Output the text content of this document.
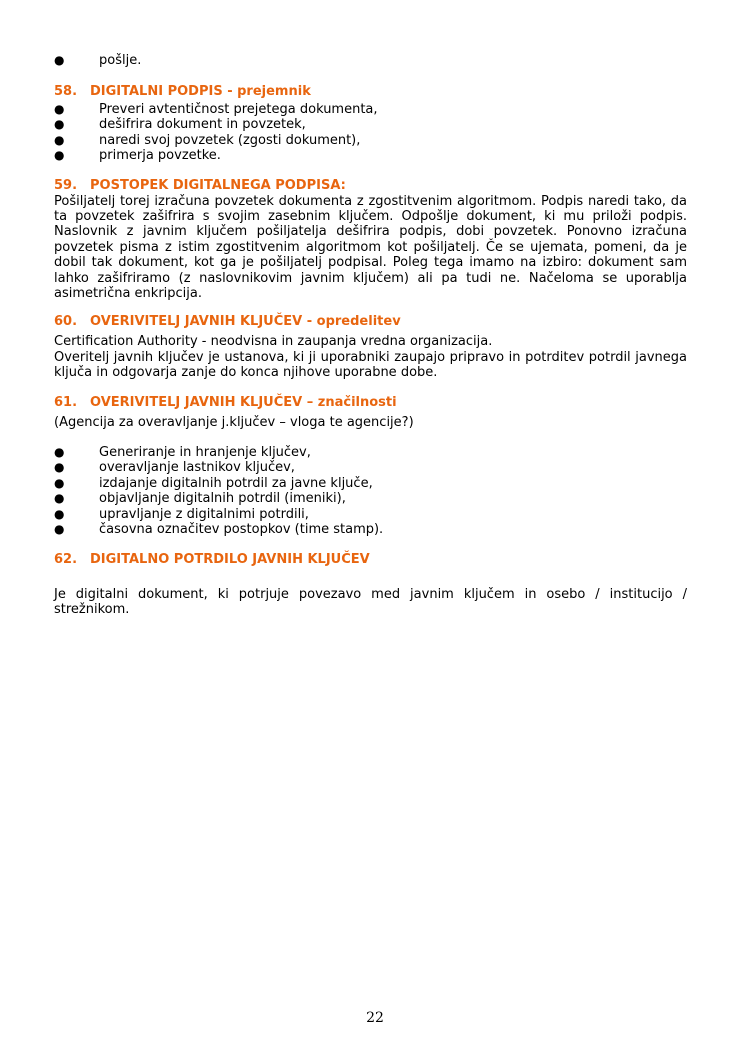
●	pošlje.

58. DIGITALNI PODPIS - prejemnik

●	Preveri avtentičnost prejetega dokumenta,
●	dešifrira dokument in povzetek,
●	naredi svoj povzetek (zgosti dokument),
●	primerja povzetke.

59. POSTOPEK DIGITALNEGA PODPISA:

Pošiljatelj torej izračuna povzetek dokumenta z zgostitvenim algoritmom. Podpis naredi tako, da ta povzetek zašifrira s svojim zasebnim ključem. Odpošlje dokument, ki mu priloži podpis. Naslovnik z javnim ključem pošiljatelja dešifrira podpis, dobi povzetek. Ponovno izračuna povzetek pisma z istim zgostitvenim algoritmom kot pošiljatelj. Če se ujemata, pomeni, da je dobil tak dokument, kot ga je pošiljatelj podpisal. Poleg tega imamo na izbiro: dokument sam lahko zašifriramo (z naslovnikovim javnim ključem) ali pa tudi ne. Načeloma se uporablja asimetrična enkripcija.

60. OVERIVITELJ JAVNIH KLJUČEV - opredelitev

Certification Authority - neodvisna in zaupanja vredna organizacija.

Overitelj javnih ključev je ustanova, ki ji uporabniki zaupajo pripravo in potrditev potrdil javnega ključa in odgovarja zanje do konca njihove uporabne dobe.

61. OVERIVITELJ JAVNIH KLJUČEV – značilnosti

(Agencija za overavljanje j.ključev – vloga te agencije?)

●	Generiranje in hranjenje ključev,
●	overavljanje lastnikov ključev,
●	izdajanje digitalnih potrdil za javne ključe,
●	objavljanje digitalnih potrdil (imeniki),
●	upravljanje z digitalnimi potrdili,
●	časovna označitev postopkov (time stamp).

62. DIGITALNO POTRDILO JAVNIH KLJUČEV

Je digitalni dokument, ki potrjuje povezavo med javnim ključem in osebo / institucijo / strežnikom.

22
